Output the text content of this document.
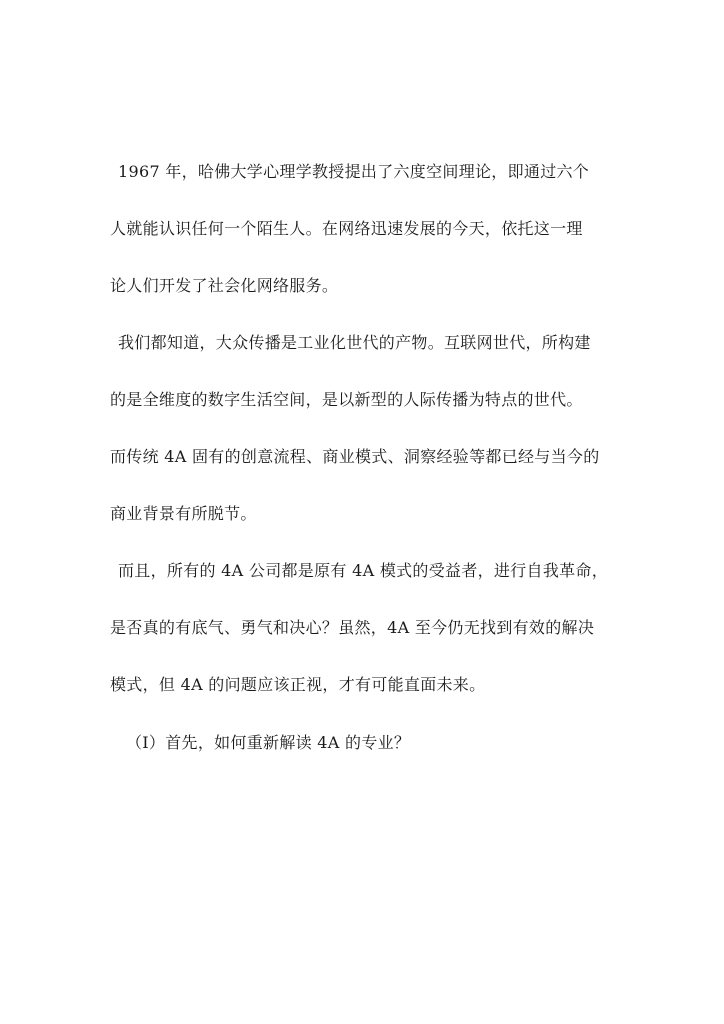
1967 年，哈佛大学心理学教授提出了六度空间理论，即通过六个
人就能认识任何一个陌生人。在网络迅速发展的今天，依托这一理
论人们开发了社会化网络服务。
我们都知道，大众传播是工业化世代的产物。互联网世代，所构建
的是全维度的数字生活空间，是以新型的人际传播为特点的世代。
而传统 4A 固有的创意流程、商业模式、洞察经验等都已经与当今的
商业背景有所脱节。
而且，所有的 4A 公司都是原有 4A 模式的受益者，进行自我革命，
是否真的有底气、勇气和决心？虽然，4A 至今仍无找到有效的解决
模式，但 4A 的问题应该正视，才有可能直面未来。
（Ⅰ）首先，如何重新解读 4A 的专业？
